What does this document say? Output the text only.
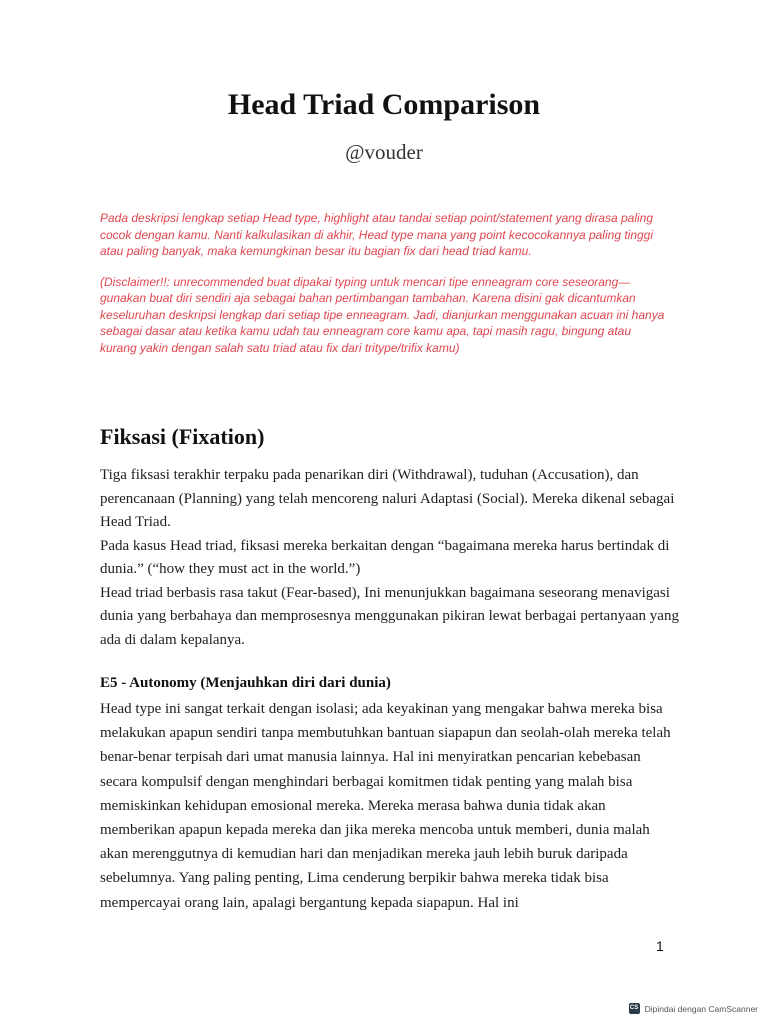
Head Triad Comparison
@vouder

Pada deskripsi lengkap setiap Head type, highlight atau tandai setiap point/statement yang dirasa paling cocok dengan kamu. Nanti kalkulasikan di akhir, Head type mana yang point kecocokannya paling tinggi atau paling banyak, maka kemungkinan besar itu bagian fix dari head triad kamu.

(Disclaimer!!: unrecommended buat dipakai typing untuk mencari tipe enneagram core seseorang—gunakan buat diri sendiri aja sebagai bahan pertimbangan tambahan. Karena disini gak dicantumkan keseluruhan deskripsi lengkap dari setiap tipe enneagram. Jadi, dianjurkan menggunakan acuan ini hanya sebagai dasar atau ketika kamu udah tau enneagram core kamu apa, tapi masih ragu, bingung atau kurang yakin dengan salah satu triad atau fix dari tritype/trifix kamu)

Fiksasi (Fixation)

Tiga fiksasi terakhir terpaku pada penarikan diri (Withdrawal), tuduhan (Accusation), dan perencanaan (Planning) yang telah mencoreng naluri Adaptasi (Social). Mereka dikenal sebagai Head Triad.

Pada kasus Head triad, fiksasi mereka berkaitan dengan “bagaimana mereka harus bertindak di dunia.” (“how they must act in the world.”)

Head triad berbasis rasa takut (Fear-based), Ini menunjukkan bagaimana seseorang menavigasi dunia yang berbahaya dan memprosesnya menggunakan pikiran lewat berbagai pertanyaan yang ada di dalam kepalanya.

E5 - Autonomy (Menjauhkan diri dari dunia)

Head type ini sangat terkait dengan isolasi; ada keyakinan yang mengakar bahwa mereka bisa melakukan apapun sendiri tanpa membutuhkan bantuan siapapun dan seolah-olah mereka telah benar-benar terpisah dari umat manusia lainnya. Hal ini menyiratkan pencarian kebebasan secara kompulsif dengan menghindari berbagai komitmen tidak penting yang malah bisa memiskinkan kehidupan emosional mereka. Mereka merasa bahwa dunia tidak akan memberikan apapun kepada mereka dan jika mereka mencoba untuk memberi, dunia malah akan merenggutnya di kemudian hari dan menjadikan mereka jauh lebih buruk daripada sebelumnya. Yang paling penting, Lima cenderung berpikir bahwa mereka tidak bisa mempercayai orang lain, apalagi bergantung kepada siapapun. Hal ini

1
CS Dipindai dengan CamScanner
